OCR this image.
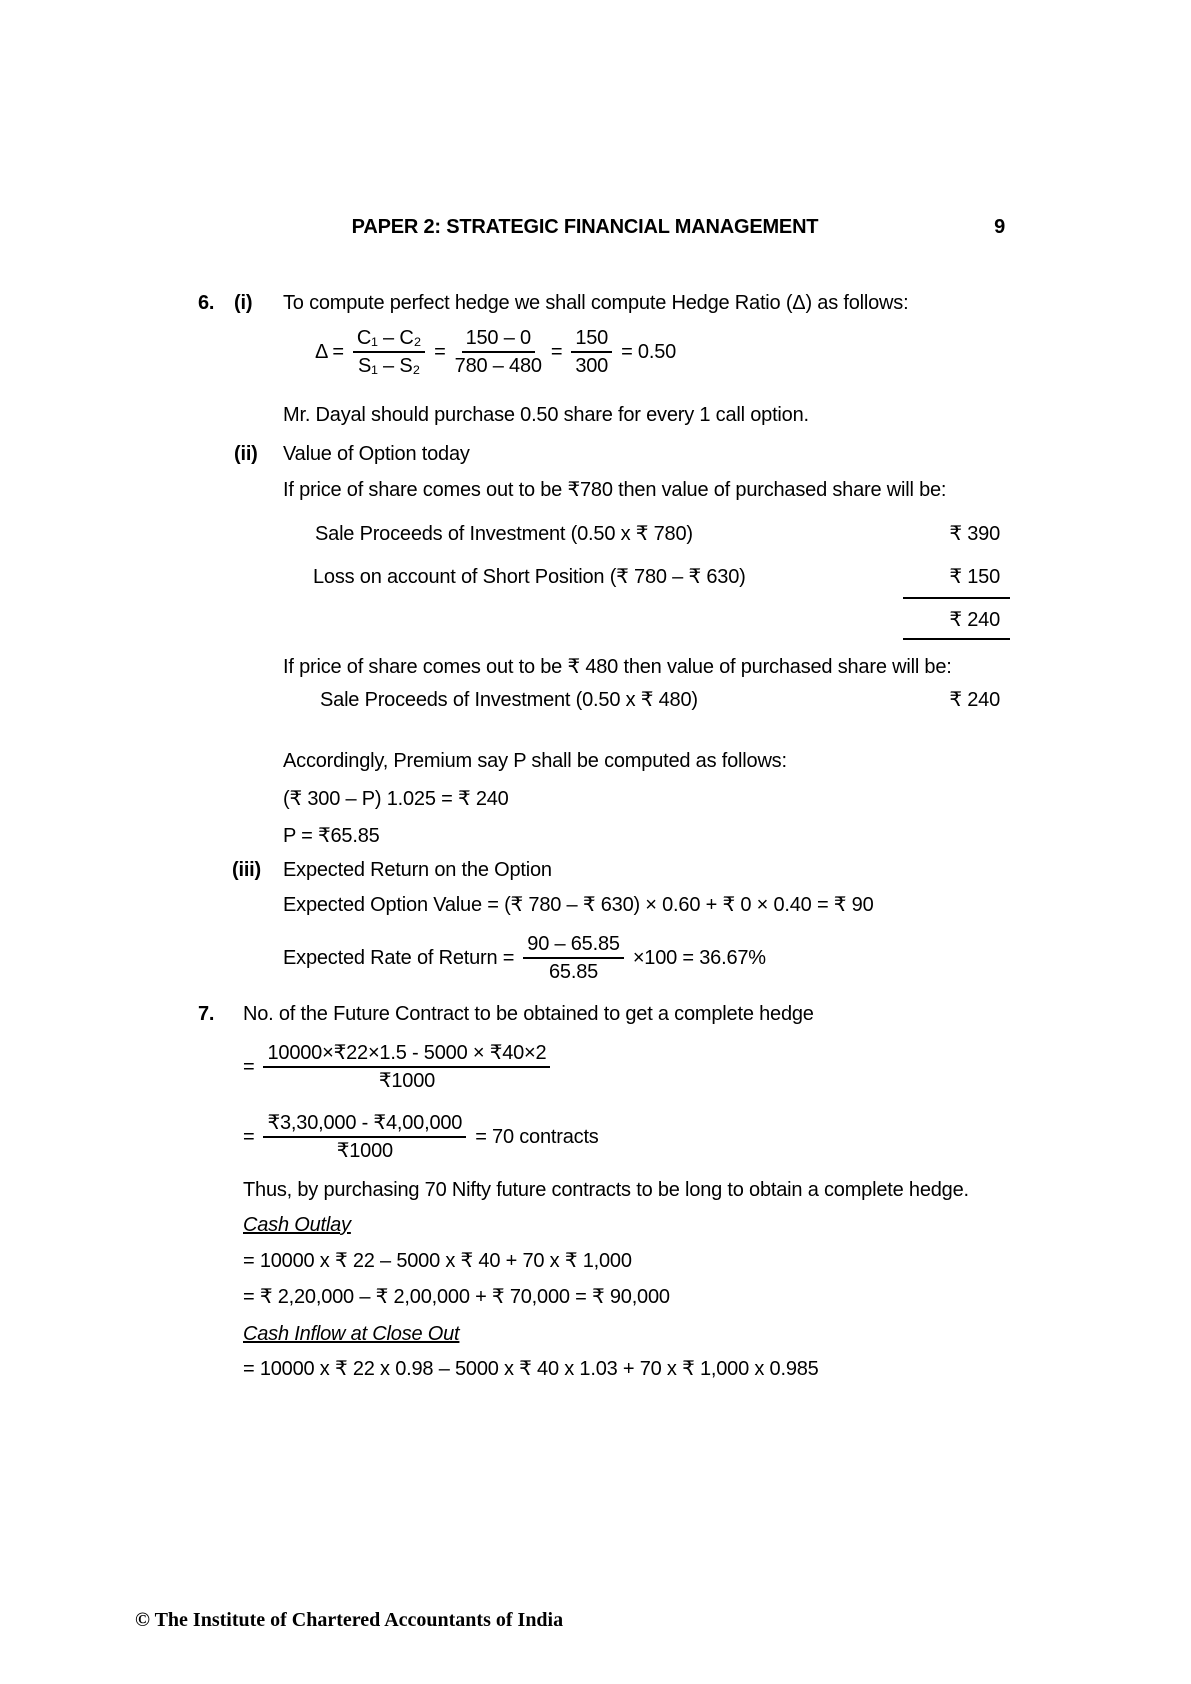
PAPER 2: STRATEGIC FINANCIAL MANAGEMENT	9
6. (i) To compute perfect hedge we shall compute Hedge Ratio (Δ) as follows:
$\Delta = \frac{\text{C₁ – C₂}}{\text{S₁ – S₂}} = \frac{150 - 0}{780 - 480} = \frac{150}{300} = 0.50$
Mr. Dayal should purchase 0.50 share for every 1 call option.
(ii) Value of Option today
If price of share comes out to be ₹780 then value of purchased share will be:
Sale Proceeds of Investment (0.50 x ₹ 780)	₹ 390
Loss on account of Short Position (₹ 780 – ₹ 630)	₹ 150
₹ 240
If price of share comes out to be ₹ 480 then value of purchased share will be:
Sale Proceeds of Investment (0.50 x ₹ 480)	₹ 240
Accordingly, Premium say P shall be computed as follows:
(₹ 300 – P) 1.025 = ₹ 240
P = ₹65.85
(iii) Expected Return on the Option
Expected Option Value = (₹ 780 – ₹ 630) × 0.60 + ₹ 0 × 0.40 = ₹ 90
Expected Rate of Return = $\frac{90 - 65.85}{65.85} \times 100 = 36.67\%$
7. No. of the Future Contract to be obtained to get a complete hedge
= $\frac{10000\times₹22\times 1.5 - 5000 \times ₹40\times 2}{₹1000}$
= $\frac{₹3,30,000 - ₹4,00,000}{₹1000} = 70$ contracts
Thus, by purchasing 70 Nifty future contracts to be long to obtain a complete hedge.
Cash Outlay
= 10000 x ₹ 22 – 5000 x ₹ 40 + 70 x ₹ 1,000
= ₹ 2,20,000 – ₹ 2,00,000 + ₹ 70,000 = ₹ 90,000
Cash Inflow at Close Out
= 10000 x ₹ 22 x 0.98 – 5000 x ₹ 40 x 1.03 + 70 x ₹ 1,000 x 0.985
© The Institute of Chartered Accountants of India
